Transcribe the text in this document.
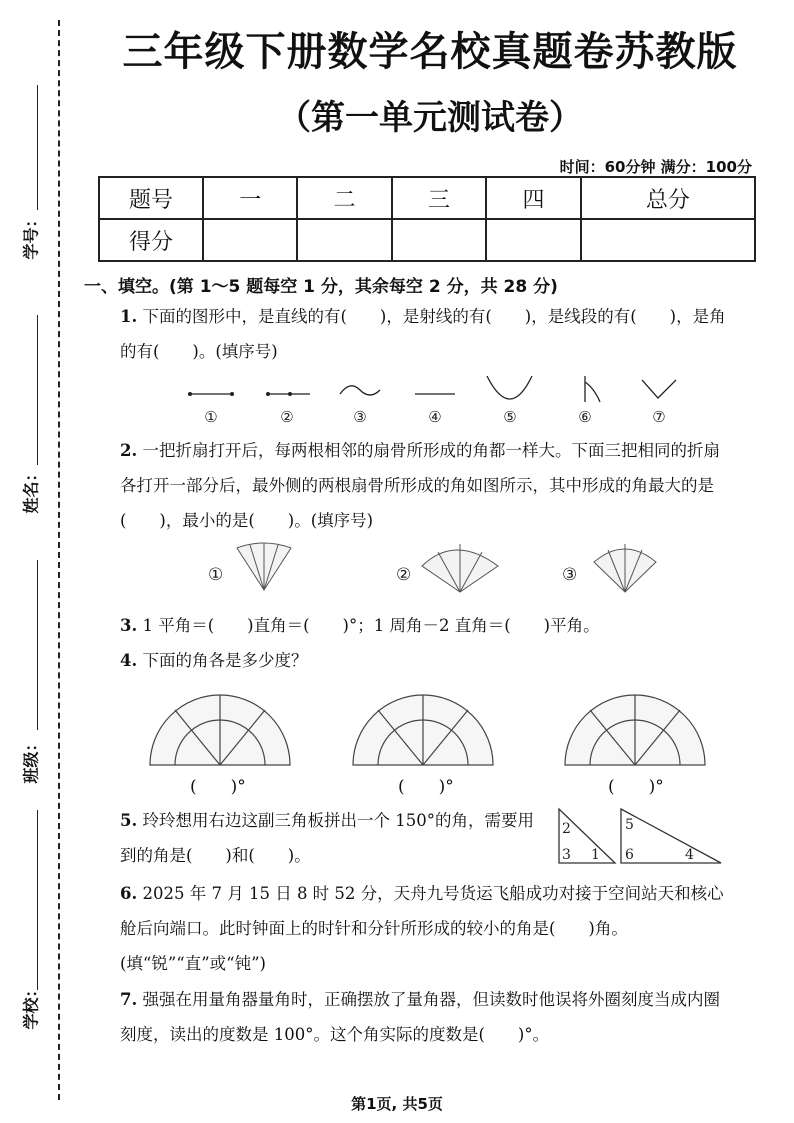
学号：
姓名：
班级：
学校：
三年级下册数学名校真题卷苏教版
（第一单元测试卷）
时间：60分钟 满分：100分
题号	一	二	三	四	总分
得分					
一、填空。(第 1～5 题每空 1 分，其余每空 2 分，共 28 分)
1. 下面的图形中，是直线的有(　　)，是射线的有(　　)，是线段的有(　　)，是角的有(　　)。(填序号)
①	②	③	④	⑤	⑥	⑦
2. 一把折扇打开后，每两根相邻的扇骨所形成的角都一样大。下面三把相同的折扇各打开一部分后，最外侧的两根扇骨所形成的角如图所示，其中形成的角最大的是(　　)，最小的是(　　)。(填序号)
①	②	③
3. 1 平角＝(　　)直角＝(　　)°；1 周角－2 直角＝(　　)平角。
4. 下面的角各是多少度？
(　　)°	(　　)°	(　　)°
5. 玲玲想用右边这副三角板拼出一个 150°的角，需要用到的角是(　　)和(　　)。
2
3 1
5
6	4
6. 2025 年 7 月 15 日 8 时 52 分，天舟九号货运飞船成功对接于空间站天和核心舱后向端口。此时钟面上的时针和分针所形成的较小的角是(　　)角。(填“锐”“直”或“钝”)
7. 强强在用量角器量角时，正确摆放了量角器，但读数时他误将外圈刻度当成内圈刻度，读出的度数是 100°。这个角实际的度数是(　　)°。
第1页, 共5页
